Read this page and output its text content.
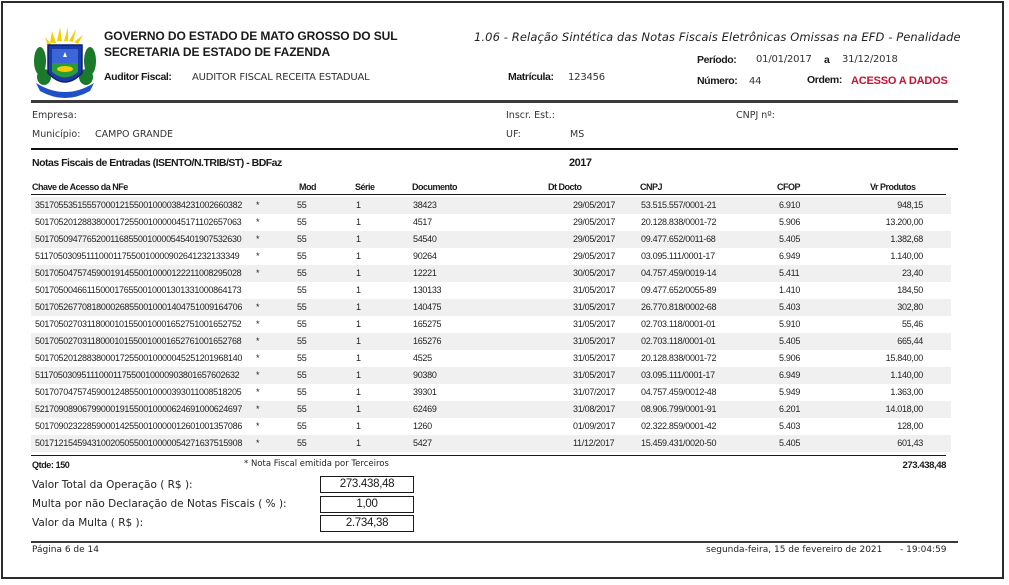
GOVERNO DO ESTADO DE MATO GROSSO DO SUL
SECRETARIA DE ESTADO DE FAZENDA
Auditor Fiscal: AUDITOR FISCAL RECEITA ESTADUAL
1.06 - Relação Sintética das Notas Fiscais Eletrônicas Omissas na EFD - Penalidade
Período: 01/01/2017 a 31/12/2018
Matrícula: 123456	Número: 44	Ordem: ACESSO A DADOS
Empresa:	Inscr. Est.:	CNPJ nº:
Município: CAMPO GRANDE	UF:	MS
Notas Fiscais de Entradas (ISENTO/N.TRIB/ST) - BDFaz	2017
Chave de Acesso da NFe	Mod	Série	Documento	Dt Docto	CNPJ	CFOP	Vr Produtos
35170553515557000121550010000384231002660382 *	55	1	38423	29/05/2017	53.515.557/0001-21	6.910	948,15
50170520128838000172550010000045171102657063 *	55	1	4517	29/05/2017	20.128.838/0001-72	5.906	13.200,00
50170509477652001168550010000545401907532630 *	55	1	54540	29/05/2017	09.477.652/0011-68	5.405	1.382,68
51170503095111000117550010000902641232133349 *	55	1	90264	29/05/2017	03.095.111/0001-17	6.949	1.140,00
50170504757459001914550010000122211008295028 *	55	1	12221	30/05/2017	04.757.459/0019-14	5.411	23,40
50170500466115000176550010001301331000864173	55	1	130133	31/05/2017	09.477.652/0055-89	1.410	184,50
50170526770818000268550010001404751009164706 *	55	1	140475	31/05/2017	26.770.818/0002-68	5.403	302,80
50170502703118000101550010001652751001652752 *	55	1	165275	31/05/2017	02.703.118/0001-01	5.910	55,46
50170502703118000101550010001652761001652768 *	55	1	165276	31/05/2017	02.703.118/0001-01	5.405	665,44
50170520128838000172550010000045251201968140 *	55	1	4525	31/05/2017	20.128.838/0001-72	5.906	15.840,00
51170503095111000117550010000903801657602632 *	55	1	90380	31/05/2017	03.095.111/0001-17	6.949	1.140,00
50170704757459001248550010000393011008518205 *	55	1	39301	31/07/2017	04.757.459/0012-48	5.949	1.363,00
52170908906799000191550010000624691000624697 *	55	1	62469	31/08/2017	08.906.799/0001-91	6.201	14.018,00
50170902322859000142550010000012601001357086 *	55	1	1260	01/09/2017	02.322.859/0001-42	5.403	128,00
50171215459431002050550010000054271637515908 *	55	1	5427	11/12/2017	15.459.431/0020-50	5.405	601,43
Qtde: 150	* Nota Fiscal emitida por Terceiros	273.438,48
Valor Total da Operação ( R$ ):	273.438,48
Multa por não Declaração de Notas Fiscais ( % ):	1,00
Valor da Multa ( R$ ):	2.734,38
Página 6 de 14	segunda-feira, 15 de fevereiro de 2021 - 19:04:59
